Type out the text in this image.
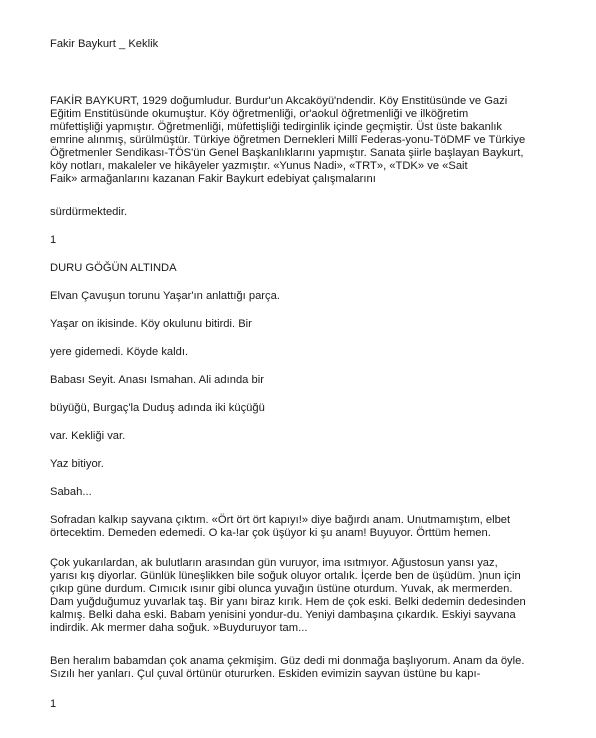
Fakir Baykurt _ Keklik
FAKİR BAYKURT, 1929 doğumludur. Burdur'un Akcaköyü'ndendir. Köy Enstitüsünde ve Gazi
Eğitim Enstitüsünde okumuştur. Köy öğretmenliği, or'aokul öğretmenliği ve ilköğretim
müfettişliği yapmıştır. Öğretmenliği, müfettişliği tedirginlik içinde geçmiştir. Üst üste bakanlık
emrine alınmış, sürülmüştür. Türkiye öğretmen Dernekleri Millî Federas-yonu-TöDMF ve Türkiye
Öğretmenler Sendikası-TÖS'ün Genel Başkanlıklarını yapmıştır. Sanata şiirle başlayan Baykurt,
köy notları, makaleler ve hikâyeler yazmıştır. «Yunus Nadi», «TRT», «TDK» ve «Sait
Faik» armağanlarını kazanan Fakir Baykurt edebiyat çalışmalarını
sürdürmektedir.
1
DURU GÖĞÜN ALTINDA
Elvan Çavuşun torunu Yaşar'ın anlattığı parça.
Yaşar on ikisinde. Köy okulunu bitirdi. Bir
yere gidemedi. Köyde kaldı.
Babası Seyit. Anası Ismahan. Ali adında bir
büyüğü, Burgaç'la Duduş adında iki küçüğü
var. Kekliği var.
Yaz bitiyor.
Sabah...
Sofradan kalkıp sayvana çıktım. «Ört ört ört kapıyı!» diye bağırdı anam. Unutmamıştım, elbet
örtecektim. Demeden edemedi. O ka-!ar çok üşüyor ki şu anam! Buyuyor. Örttüm hemen.
Çok yukarılardan, ak bulutların arasından gün vuruyor, ima ısıtmıyor. Ağustosun yansı yaz,
yarısı kış diyorlar. Günlük lüneşlikken bile soğuk oluyor ortalık. İçerde ben de üşüdüm. )nun için
çıkıp güne durdum. Cımıcık ısınır gibi olunca yuvağın üstüne oturdum. Yuvak, ak mermerden.
Dam yuğduğumuz yuvarlak taş. Bir yanı biraz kırık. Hem de çok eski. Belki dedemin dedesinden
kalmış. Belki daha eski. Babam yenisini yondur-du. Yeniyi dambaşına çıkardık. Eskiyi sayvana
indirdik. Ak mermer daha soğuk. »Buyduruyor tam...
Ben heralım babamdan çok anama çekmişim. Güz dedi mi donmağa başlıyorum. Anam da öyle.
Sızılı her yanları. Çul çuval örtünür otururken. Eskiden evimizin sayvan üstüne bu kapı-
1
